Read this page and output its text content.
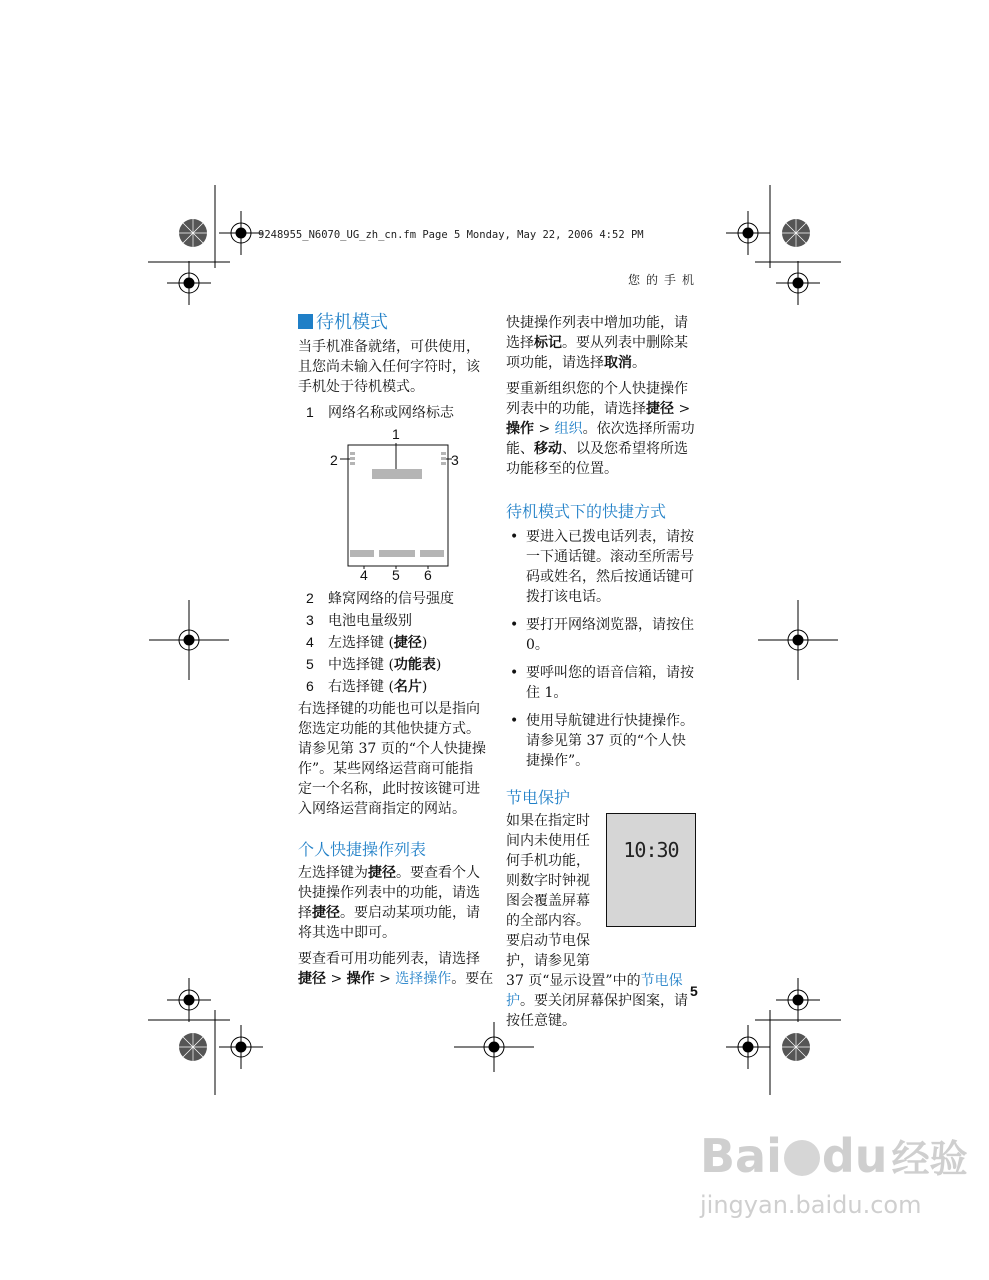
9248955_N6070_UG_zh_cn.fm Page 5 Monday, May 22, 2006 4:52 PM
您的手机
5
待机模式

当手机准备就绪，可供使用，
且您尚未输入任何字符时，该
手机处于待机模式。

1 网络名称或网络标志
1
2	3
4 5 6
2 蜂窝网络的信号强度
3 电池电量级别
4 左选择键 (捷径)
5 中选择键 (功能表)
6 右选择键 (名片)

右选择键的功能也可以是指向
您选定功能的其他快捷方式。
请参见第 37 页的“个人快捷操
作”。某些网络运营商可能指
定一个名称，此时按该键可进
入网络运营商指定的网站。

个人快捷操作列表

左选择键为捷径。要查看个人
快捷操作列表中的功能，请选
择捷径。要启动某项功能，请
将其选中即可。

要查看可用功能列表，请选择
捷径 > 操作 > 选择操作。要在

快捷操作列表中增加功能，请
选择标记。要从列表中删除某
项功能，请选择取消。

要重新组织您的个人快捷操作
列表中的功能，请选择捷径 >
操作 > 组织。依次选择所需功
能、移动、以及您希望将所选
功能移至的位置。

待机模式下的快捷方式
• 要进入已拨电话列表，请按
一下通话键。滚动至所需号
码或姓名，然后按通话键可
拨打该电话。
• 要打开网络浏览器，请按住
0。
• 要呼叫您的语音信箱，请按
住 1。
• 使用导航键进行快捷操作。
请参见第 37 页的“个人快
捷操作”。
节电保护

如果在指定时
间内未使用任
何手机功能，
则数字时钟视
图会覆盖屏幕
的全部内容。
要启动节电保
护，请参见第
37 页“显示设置”中的节电保
护。要关闭屏幕保护图案，请
按任意键。

10:30
Bai du 经验
jingyan.baidu.com
